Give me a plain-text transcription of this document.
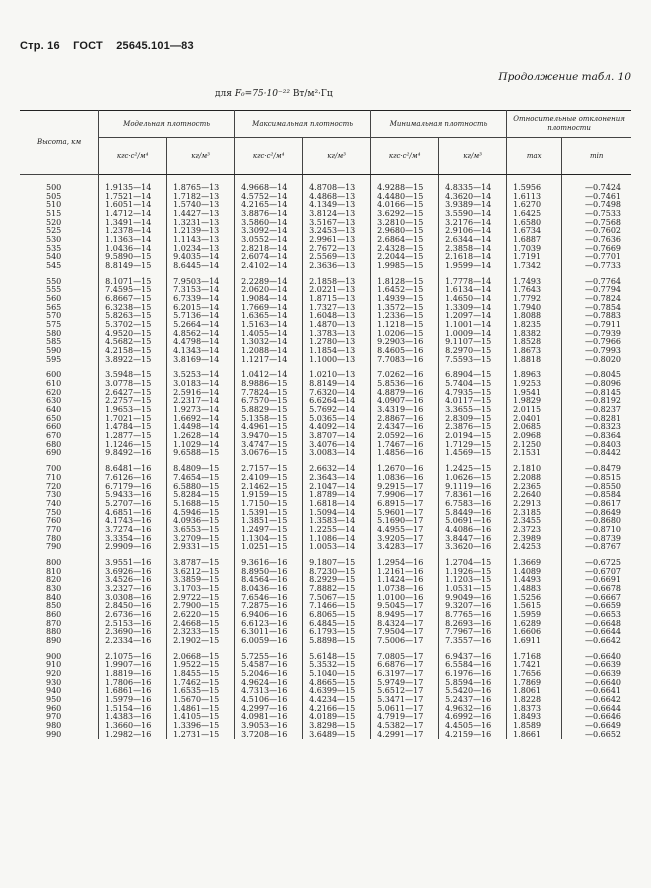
Стр. 16 ГОСТ 25645.101—83
Продолжение табл. 10
для F₀=75·10⁻²² Вт/м²·Гц
Высота, км	Модельная плотность		Максимальная плотность		Минимальная плотность		Относительные отклонения плотности	
	кгс·с²/м⁴	кг/м³	кгс·с²/м⁴	кг/м³	кгс·с²/м⁴	кг/м³	max	min
500	1.9135—14	1.8765—13	4.9668—14	4.8708—13	4.9288—15	4.8335—14	1.5956	—0.7424
505	1.7521—14	1.7182—13	4.5752—14	4.4868—13	4.4480—15	4.3620—14	1.6113	—0.7461
510	1.6051—14	1.5740—13	4.2165—14	4.1349—13	4.0166—15	3.9389—14	1.6270	—0.7498
515	1.4712—14	1.4427—13	3.8876—14	3.8124—13	3.6292—15	3.5590—14	1.6425	—0.7533
520	1.3491—14	1.3231—13	3.5860—14	3.5167—13	3.2810—15	3.2176—14	1.6580	—0.7568
525	1.2378—14	1.2139—13	3.3092—14	3.2453—13	2.9680—15	2.9106—14	1.6734	—0.7602
530	1.1363—14	1.1143—13	3.0552—14	2.9961—13	2.6864—15	2.6344—14	1.6887	—0.7636
535	1.0436—14	1.0234—13	2.8218—14	2.7672—13	2.4328—15	2.3858—14	1.7039	—0.7669
540	9.5890—15	9.4035—14	2.6074—14	2.5569—13	2.2044—15	2.1618—14	1.7191	—0.7701
545	8.8149—15	8.6445—14	2.4102—14	2.3636—13	1.9985—15	1.9599—14	1.7342	—0.7733
550	8.1071—15	7.9503—14	2.2289—14	2.1858—13	1.8128—15	1.7778—14	1.7493	—0.7764
555	7.4595—15	7.3153—14	2.0620—14	2.0221—13	1.6452—15	1.6134—14	1.7643	—0.7794
560	6.8667—15	6.7339—14	1.9084—14	1.8715—13	1.4939—15	1.4650—14	1.7792	—0.7824
565	6.3238—15	6.2015—14	1.7669—14	1.7327—13	1.3572—15	1.3309—14	1.7940	—0.7854
570	5.8263—15	5.7136—14	1.6365—14	1.6048—13	1.2336—15	1.2097—14	1.8088	—0.7883
575	5.3702—15	5.2664—14	1.5163—14	1.4870—13	1.1218—15	1.1001—14	1.8235	—0.7911
580	4.9520—15	4.8562—14	1.4055—14	1.3783—13	1.0206—15	1.0009—14	1.8382	—0.7939
585	4.5682—15	4.4798—14	1.3032—14	1.2780—13	9.2903—16	9.1107—15	1.8528	—0.7966
590	4.2158—15	4.1343—14	1.2088—14	1.1854—13	8.4605—16	8.2970—15	1.8673	—0.7993
595	3.8922—15	3.8169—14	1.1217—14	1.1000—13	7.7083—16	7.5593—15	1.8818	—0.8020
600	3.5948—15	3.5253—14	1.0412—14	1.0210—13	7.0262—16	6.8904—15	1.8963	—0.8045
610	3.0778—15	3.0183—14	8.9886—15	8.8149—14	5.8536—16	5.7404—15	1.9253	—0.8096
620	2.6427—15	2.5916—14	7.7824—15	7.6320—14	4.8879—16	4.7935—15	1.9541	—0.8145
630	2.2757—15	2.2317—14	6.7570—15	6.6264—14	4.0907—16	4.0117—15	1.9829	—0.8192
640	1.9653—15	1.9273—14	5.8829—15	5.7692—14	3.4319—16	3.3655—15	2.0115	—0.8237
650	1.7021—15	1.6692—14	5.1358—15	5.0365—14	2.8867—16	2.8309—15	2.0401	—0.8281
660	1.4784—15	1.4498—14	4.4961—15	4.4092—14	2.4347—16	2.3876—15	2.0685	—0.8323
670	1.2877—15	1.2628—14	3.9470—15	3.8707—14	2.0592—16	2.0194—15	2.0968	—0.8364
680	1.1246—15	1.1029—14	3.4747—15	3.4076—14	1.7467—16	1.7129—15	2.1250	—0.8403
690	9.8492—16	9.6588—15	3.0676—15	3.0083—14	1.4856—16	1.4569—15	2.1531	—0.8442
700	8.6481—16	8.4809—15	2.7157—15	2.6632—14	1.2670—16	1.2425—15	2.1810	—0.8479
710	7.6126—16	7.4654—15	2.4109—15	2.3643—14	1.0836—16	1.0626—15	2.2088	—0.8515
720	6.7179—16	6.5880—15	2.1462—15	2.1047—14	9.2915—17	9.1119—16	2.2365	—0.8550
730	5.9433—16	5.8284—15	1.9159—15	1.8789—14	7.9906—17	7.8361—16	2.2640	—0.8584
740	5.2707—16	5.1688—15	1.7150—15	1.6818—14	6.8915—17	6.7583—16	2.2913	—0.8617
750	4.6851—16	4.5946—15	1.5391—15	1.5094—14	5.9601—17	5.8449—16	2.3185	—0.8649
760	4.1743—16	4.0936—15	1.3851—15	1.3583—14	5.1690—17	5.0691—16	2.3455	—0.8680
770	3.7274—16	3.6553—15	1.2497—15	1.2255—14	4.4955—17	4.4086—16	2.3723	—0.8710
780	3.3354—16	3.2709—15	1.1304—15	1.1086—14	3.9205—17	3.8447—16	2.3989	—0.8739
790	2.9909—16	2.9331—15	1.0251—15	1.0053—14	3.4283—17	3.3620—16	2.4253	—0.8767
800	3.9551—16	3.8787—15	9.3616—16	9.1807—15	1.2954—16	1.2704—15	1.3669	—0.6725
810	3.6926—16	3.6212—15	8.8950—16	8.7230—15	1.2161—16	1.1926—15	1.4089	—0.6707
820	3.4526—16	3.3859—15	8.4564—16	8.2929—15	1.1424—16	1.1203—15	1.4493	—0.6691
830	3.2327—16	3.1703—15	8.0436—16	7.8882—15	1.0738—16	1.0531—15	1.4883	—0.6678
840	3.0308—16	2.9722—15	7.6546—16	7.5067—15	1.0100—16	9.9049—16	1.5256	—0.6667
850	2.8450—16	2.7900—15	7.2875—16	7.1466—15	9.5045—17	9.3207—16	1.5615	—0.6659
860	2.6736—16	2.6220—15	6.9406—16	6.8065—15	8.9495—17	8.7765—16	1.5959	—0.6653
870	2.5153—16	2.4668—15	6.6123—16	6.4845—15	8.4324—17	8.2693—16	1.6289	—0.6648
880	2.3690—16	2.3233—15	6.3011—16	6.1793—15	7.9504—17	7.7967—16	1.6606	—0.6644
890	2.2334—16	2.1902—15	6.0059—16	5.8898—15	7.5006—17	7.3557—16	1.6911	—0.6642
900	2.1075—16	2.0668—15	5.7255—16	5.6148—15	7.0805—17	6.9437—16	1.7168	—0.6640
910	1.9907—16	1.9522—15	5.4587—16	5.3532—15	6.6876—17	6.5584—16	1.7421	—0.6639
920	1.8819—16	1.8455—15	5.2046—16	5.1040—15	6.3197—17	6.1976—16	1.7656	—0.6639
930	1.7806—16	1.7462—15	4.9624—16	4.8665—15	5.9749—17	5.8594—16	1.7869	—0.6640
940	1.6861—16	1.6535—15	4.7313—16	4.6399—15	5.6512—17	5.5420—16	1.8061	—0.6641
950	1.5979—16	1.5670—15	4.5106—16	4.4234—15	5.3471—17	5.2437—16	1.8228	—0.6642
960	1.5154—16	1.4861—15	4.2997—16	4.2166—15	5.0611—17	4.9632—16	1.8373	—0.6644
970	1.4383—16	1.4105—15	4.0981—16	4.0189—15	4.7919—17	4.6992—16	1.8493	—0.6646
980	1.3660—16	1.3396—15	3.9053—16	3.8298—15	4.5382—17	4.4505—16	1.8589	—0.6649
990	1.2982—16	1.2731—15	3.7208—16	3.6489—15	4.2991—17	4.2159—16	1.8661	—0.6652
